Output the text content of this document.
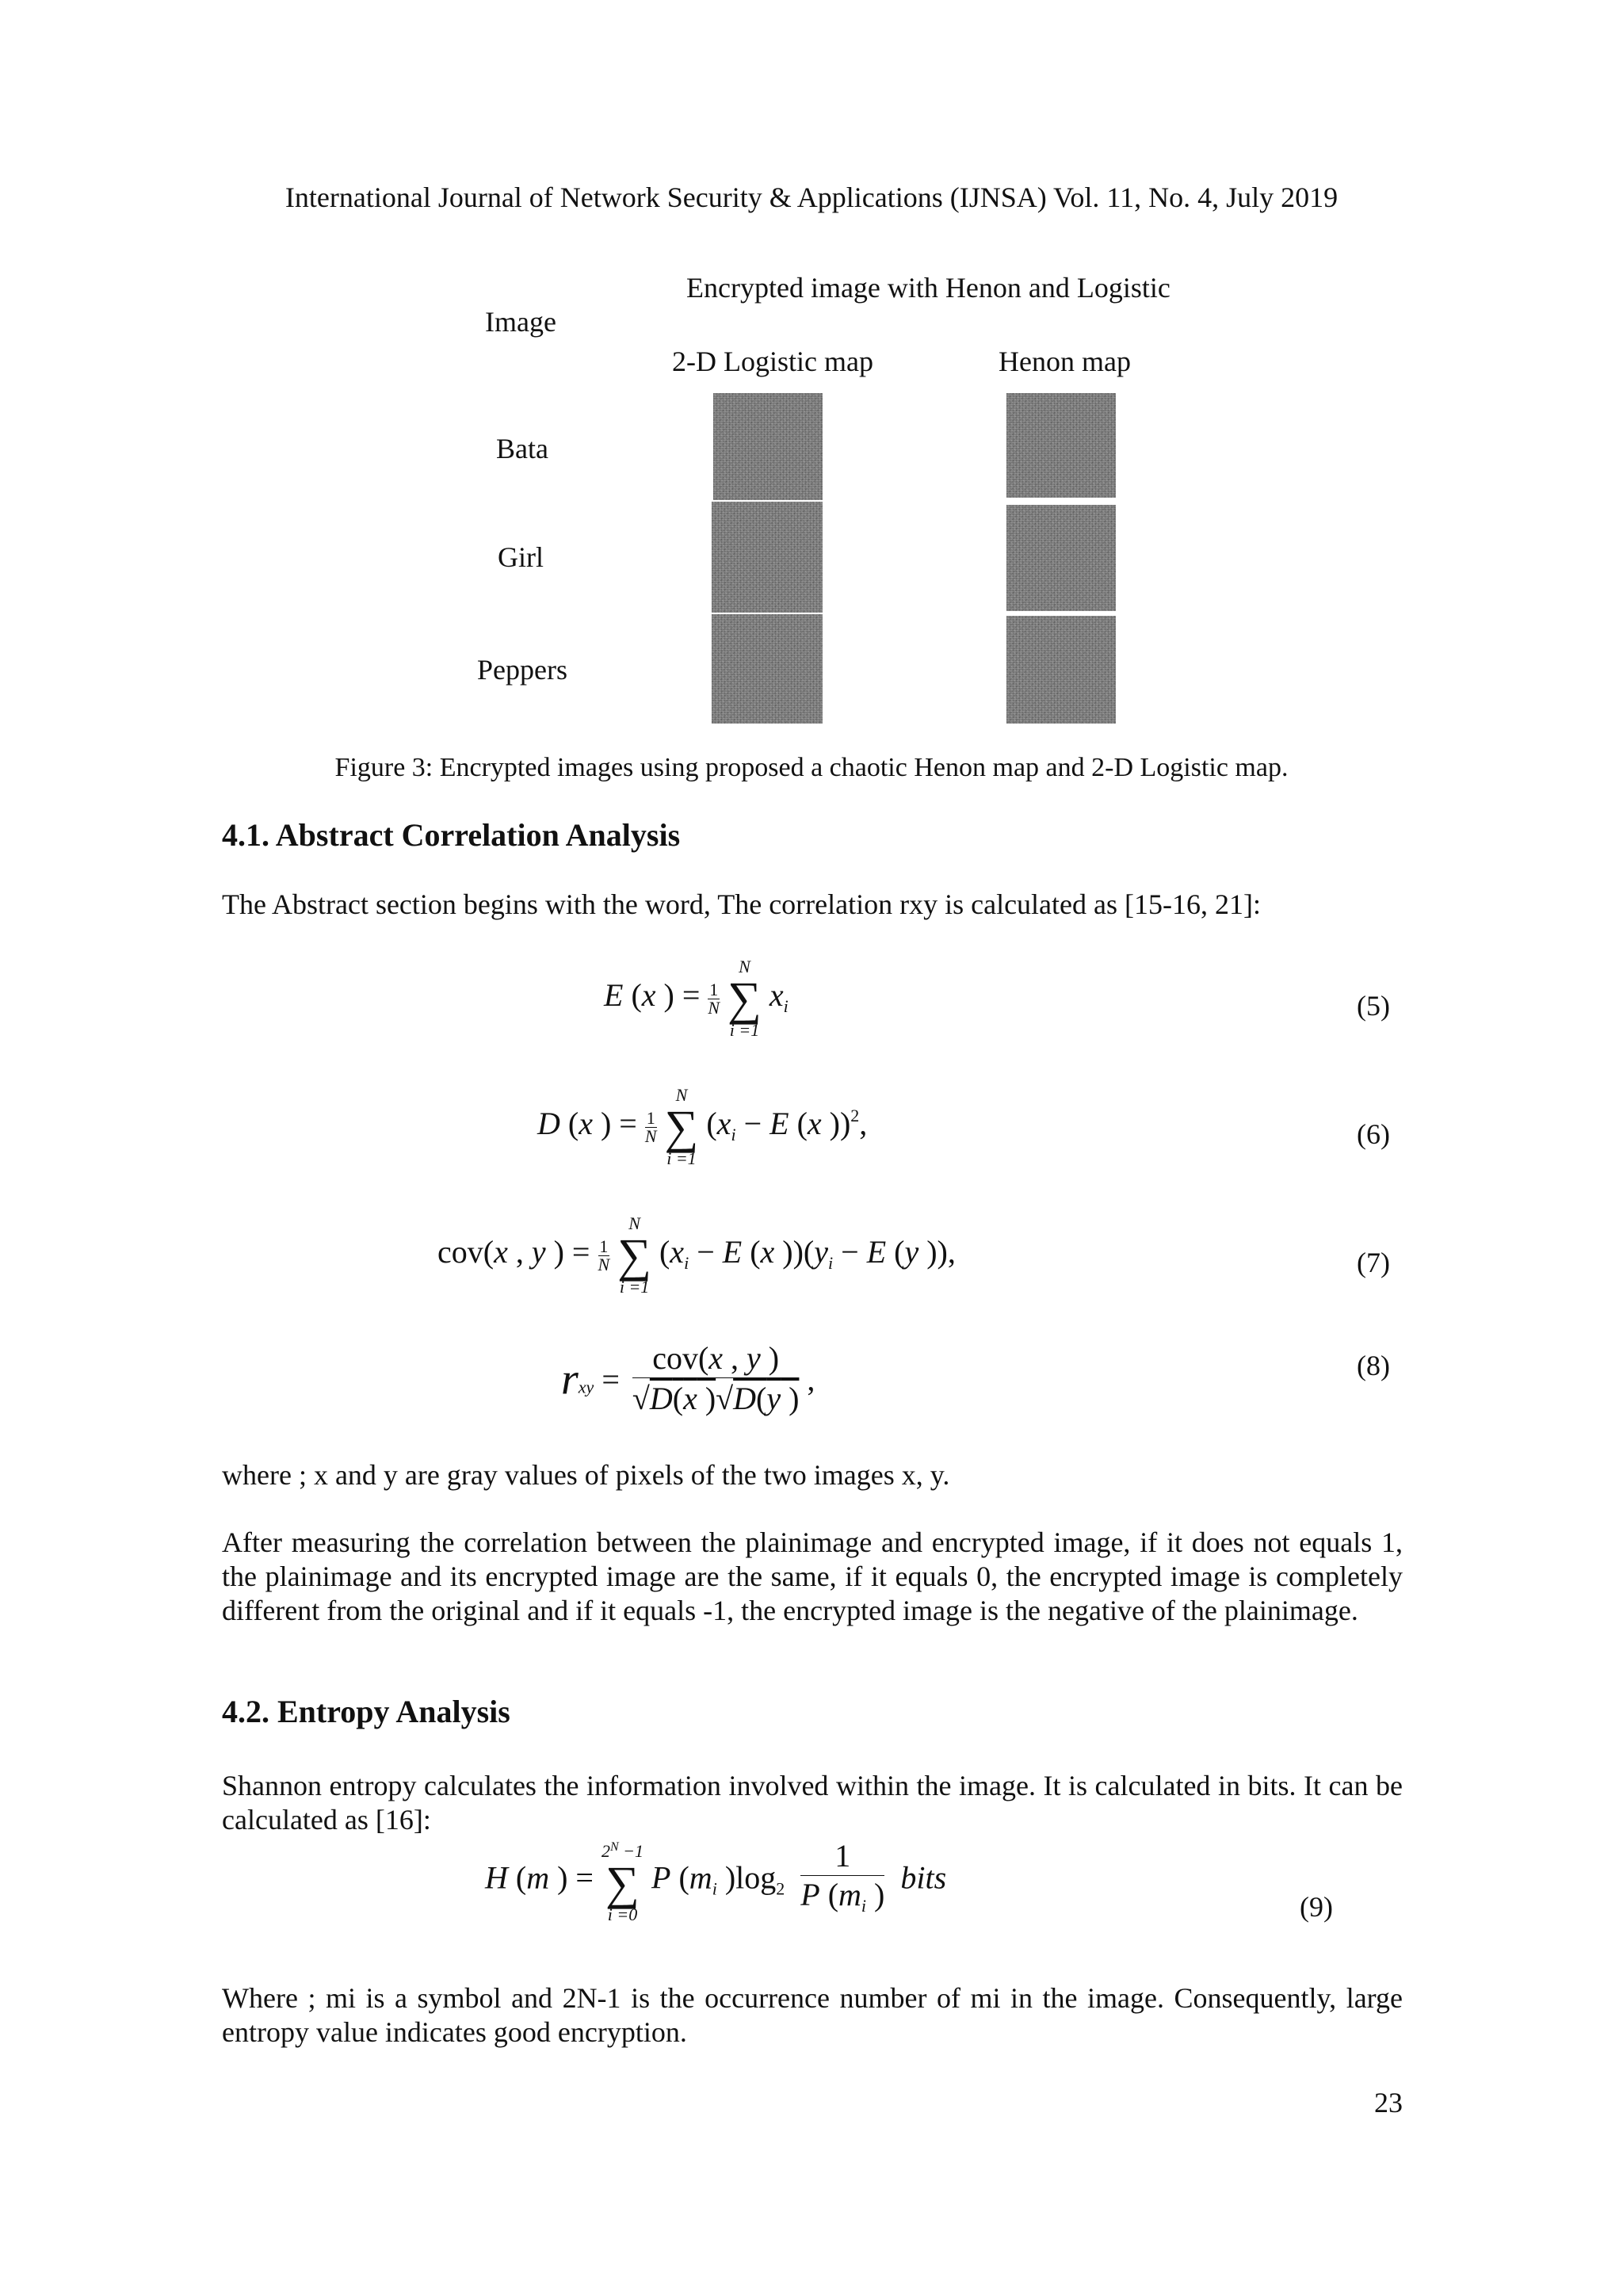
International Journal of Network Security & Applications (IJNSA) Vol. 11, No. 4, July 2019
Image
Encrypted image with Henon and Logistic
2-D Logistic map	Henon map
Bata
Girl
Peppers
Figure 3: Encrypted images using proposed a chaotic Henon map and 2-D Logistic map.
4.1. Abstract Correlation Analysis
The Abstract section begins with the word, The correlation rxy is calculated as [15-16, 21]:
E (x ) = $\frac{1}{N}$

N
∑
i =1
$x_i$	(5)
D (x ) = $\frac{1}{N}$

N
∑
i =1
($x_i - E$ (x ))$^2$,	(6)
cov(x , y ) = $\frac{1}{N}$

N
∑
i =1
($x_i - E$ (x ))($y_i - E$ (y )),	(7)
$r_{xy} = \frac{\text{cov(x , y )}}{√D(x )√D(y )}$ ,	(8)
where ; x and y are gray values of pixels of the two images x, y.
After measuring the correlation between the plainimage and encrypted image, if it does not equals 1, the plainimage and its encrypted image are the same, if it equals 0, the encrypted image is completely different from the original and if it equals -1, the encrypted image is the negative of the plainimage.
4.2. Entropy Analysis
Shannon entropy calculates the information involved within the image. It is calculated in bits. It can be calculated as [16]:
H (m ) =
$2^N -1$
∑
i =0
P ($m_i$ )$\log_2 \frac{1}{P (m_i )}$ bits
(9)
Where ; mi is a symbol and 2N-1 is the occurrence number of mi in the image. Consequently, large entropy value indicates good encryption.
23
